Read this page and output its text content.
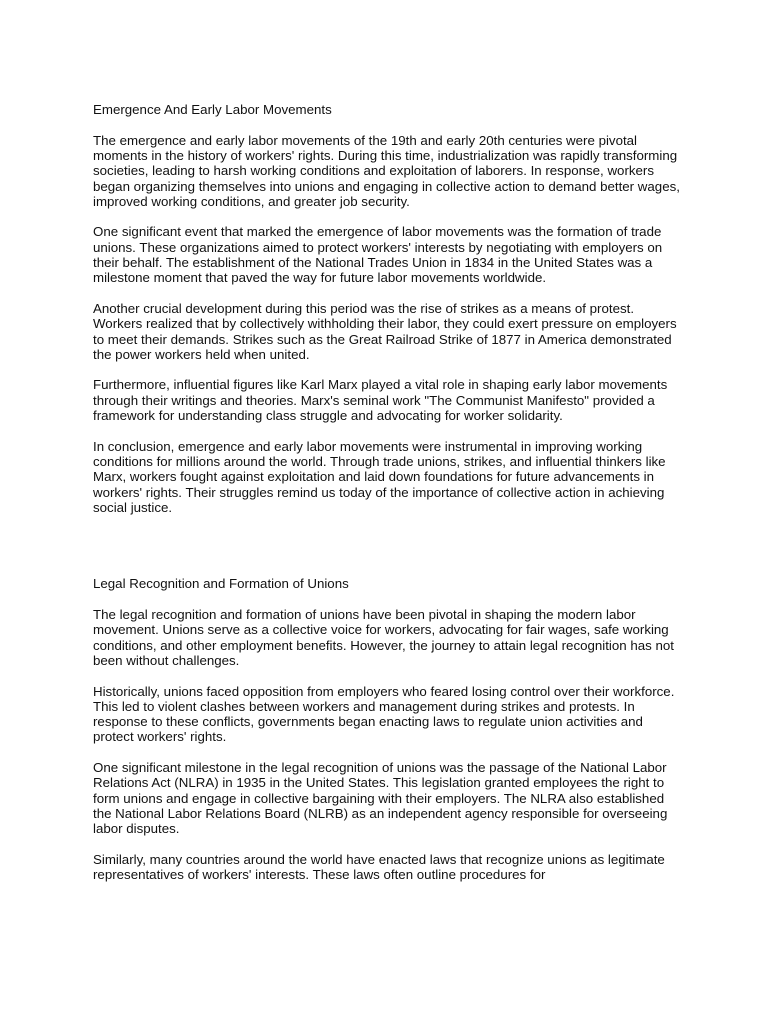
Emergence And Early Labor Movements

The emergence and early labor movements of the 19th and early 20th centuries were pivotal moments in the history of workers' rights. During this time, industrialization was rapidly transforming societies, leading to harsh working conditions and exploitation of laborers. In response, workers began organizing themselves into unions and engaging in collective action to demand better wages, improved working conditions, and greater job security.

One significant event that marked the emergence of labor movements was the formation of trade unions. These organizations aimed to protect workers' interests by negotiating with employers on their behalf. The establishment of the National Trades Union in 1834 in the United States was a milestone moment that paved the way for future labor movements worldwide.

Another crucial development during this period was the rise of strikes as a means of protest. Workers realized that by collectively withholding their labor, they could exert pressure on employers to meet their demands. Strikes such as the Great Railroad Strike of 1877 in America demonstrated the power workers held when united.

Furthermore, influential figures like Karl Marx played a vital role in shaping early labor movements through their writings and theories. Marx's seminal work "The Communist Manifesto" provided a framework for understanding class struggle and advocating for worker solidarity.

In conclusion, emergence and early labor movements were instrumental in improving working conditions for millions around the world. Through trade unions, strikes, and influential thinkers like Marx, workers fought against exploitation and laid down foundations for future advancements in workers' rights. Their struggles remind us today of the importance of collective action in achieving social justice.

Legal Recognition and Formation of Unions

The legal recognition and formation of unions have been pivotal in shaping the modern labor movement. Unions serve as a collective voice for workers, advocating for fair wages, safe working conditions, and other employment benefits. However, the journey to attain legal recognition has not been without challenges.

Historically, unions faced opposition from employers who feared losing control over their workforce. This led to violent clashes between workers and management during strikes and protests. In response to these conflicts, governments began enacting laws to regulate union activities and protect workers' rights.

One significant milestone in the legal recognition of unions was the passage of the National Labor Relations Act (NLRA) in 1935 in the United States. This legislation granted employees the right to form unions and engage in collective bargaining with their employers. The NLRA also established the National Labor Relations Board (NLRB) as an independent agency responsible for overseeing labor disputes.

Similarly, many countries around the world have enacted laws that recognize unions as legitimate representatives of workers' interests. These laws often outline procedures for
